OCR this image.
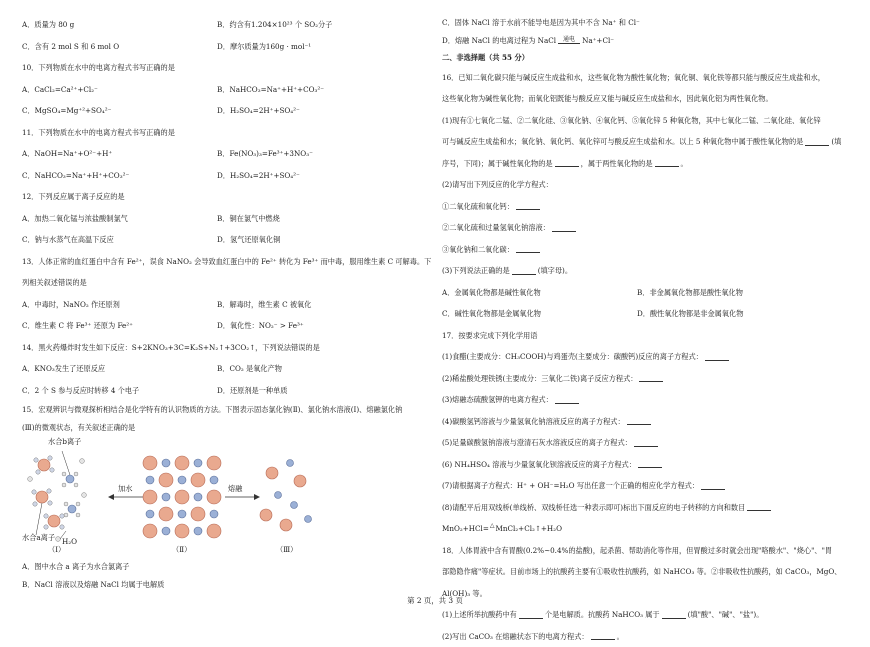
A．质量为 80 g	B．约含有1.204×10²³ 个 SO₂分子
C．含有 2 mol S 和 6 mol O	D．摩尔质量为160g · mol⁻¹
10．下列物质在水中的电离方程式书写正确的是
A．CaCl₂=Ca²⁺+Cl₂⁻	B．NaHCO₃=Na⁺+H⁺+CO₃²⁻
C．MgSO₄=Mg⁺²+SO₄²⁻	D．H₂SO₄=2H⁺+SO₄²⁻
11．下列物质在水中的电离方程式书写正确的是
A．NaOH=Na⁺+O²⁻+H⁺	B．Fe(NO₃)₃=Fe³⁺+3NO₃⁻
C．NaHCO₃=Na⁺+H⁺+CO₃²⁻	D．H₂SO₄=2H⁺+SO₄²⁻
12．下列反应属于离子反应的是
A．加热二氧化锰与浓盐酸制氯气	B．铜在氯气中燃烧
C．钠与水蒸气在高温下反应	D．氢气还原氧化铜
13．人体正常的血红蛋白中含有 Fe²⁺，误食 NaNO₂ 会导致血红蛋白中的 Fe²⁺ 转化为 Fe³⁺ 而中毒，服用维生素 C 可解毒。下
列相关叙述错误的是
A．中毒时，NaNO₂ 作还原剂	B．解毒时，维生素 C 被氧化
C．维生素 C 将 Fe³⁺ 还原为 Fe²⁺	D．氧化性：NO₂⁻ > Fe³⁺
14．黑火药爆炸时发生如下反应：S+2KNO₃+3C=K₂S+N₂↑+3CO₂↑，下列说法错误的是
A．KNO₃发生了还原反应	B．CO₂ 是氧化产物
C．2 个 S 参与反应时转移 4 个电子	D．还原剂是一种单质
15．宏观辨识与微观探析相结合是化学特有的认识物质的方法。下图表示固态氯化钠(Ⅱ)、氯化钠水溶液(Ⅰ)、熔融氯化钠
(Ⅲ)的微观状态，有关叙述正确的是
水合b离子
水合a离子 H₂O
加水	熔融
（Ⅰ）	（Ⅱ）	（Ⅲ）
A．图中水合 a 离子为水合氯离子
B．NaCl 溶液以及熔融 NaCl 均属于电解质
C．固体 NaCl 溶于水前不能导电是因为其中不含 Na⁺ 和 Cl⁻
D．熔融 NaCl 的电离过程为 NaCl 通电 Na⁺+Cl⁻
二、非选择题（共 55 分）
16．已知二氧化碳只能与碱反应生成盐和水，这些氧化物为酸性氧化物；氧化铜、氧化铁等都只能与酸反应生成盐和水，
这些氧化物为碱性氧化物；而氧化铝既能与酸反应又能与碱反应生成盐和水，因此氧化铝为两性氧化物。
(1)现有①七氧化二锰、②二氧化硅、③氧化钠、④氧化钙、⑤氧化锌 5 种氧化物，其中七氧化二锰、二氧化硅、氧化锌
可与碱反应生成盐和水；氧化钠、氧化钙、氧化锌可与酸反应生成盐和水。以上 5 种氧化物中属于酸性氧化物的是	(填
序号，下同)；属于碱性氧化物的是	，属于两性氧化物的是	。
(2)请写出下列反应的化学方程式：
①二氧化硫和氧化钙：
②二氧化硫和过量氢氧化钠溶液：
③氧化钠和二氧化碳：
(3)下列说法正确的是	(填字母)。
A．金属氧化物都是碱性氧化物	B．非金属氧化物都是酸性氧化物
C．碱性氧化物都是金属氧化物	D．酸性氧化物都是非金属氧化物
17．按要求完成下列化学用语
(1)食醋(主要成分：CH₃COOH)与鸡蛋壳(主要成分：碳酸钙)反应的离子方程式：
(2)稀盐酸处理铁锈(主要成分：三氧化二铁)离子反应方程式：
(3)熔融态硫酸氢钾的电离方程式：
(4)碳酸氢钙溶液与少量氢氧化钠溶液反应的离子方程式：
(5)足量碳酸氢钠溶液与澄清石灰水溶液反应的离子方程式：
(6) NH₄HSO₄ 溶液与少量氢氧化钡溶液反应的离子方程式：
(7)请根据离子方程式：H⁺ + OH⁻=H₂O 写出任意一个正确的相应化学方程式：
(8)请配平后用双线桥(单线桥、双线桥任选一种表示即可)标出下面反应的电子转移的方向和数目
MnO₂+HCl= △ MnCl₂+Cl₂↑+H₂O
18．人体胃液中含有胃酸(0.2%~0.4%的盐酸)，起杀菌、帮助消化等作用，但胃酸过多时就会出现"咯酸水"、"烧心"、"胃
部隐隐作痛"等症状。目前市场上的抗酸药主要有①吸收性抗酸药，如 NaHCO₃ 等。②非吸收性抗酸药，如 CaCO₃，MgO、
Al(OH)₃ 等。
(1)上述所举抗酸药中有	个是电解质。抗酸药 NaHCO₃ 属于	(填"酸"、"碱"、"盐")。
(2)写出 CaCO₃ 在熔融状态下的电离方程式：	。
第 2 页，共 3 页
